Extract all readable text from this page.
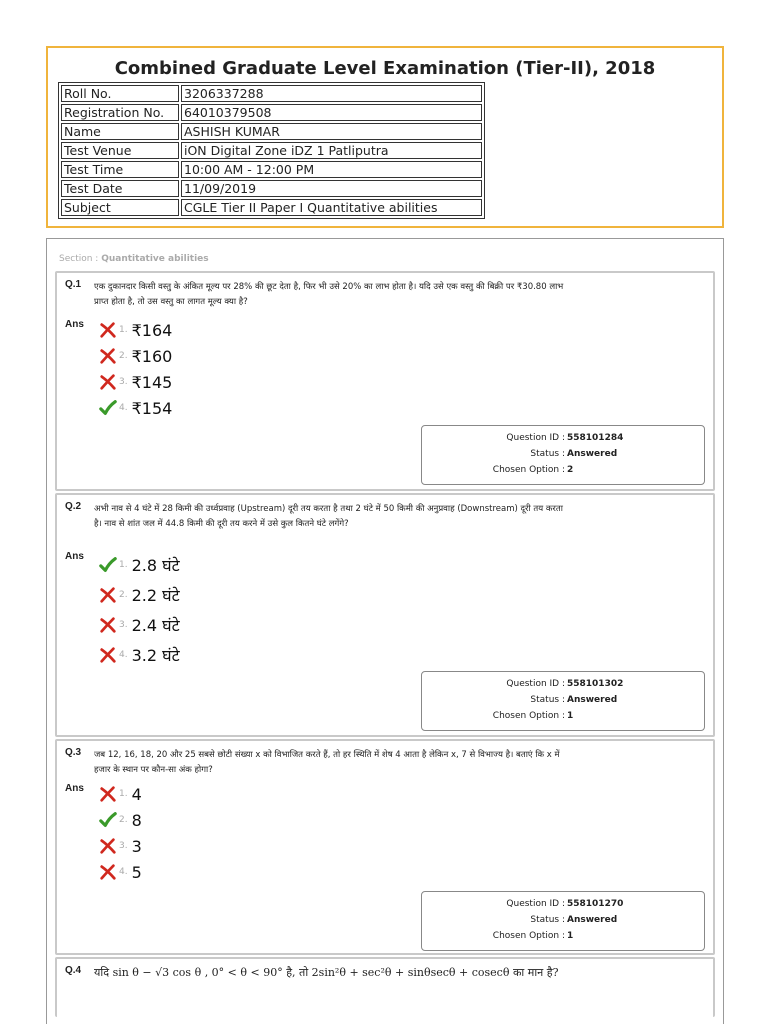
Combined Graduate Level Examination (Tier-II), 2018
Roll No.	3206337288
Registration No.	64010379508
Name	ASHISH KUMAR
Test Venue	iON Digital Zone iDZ 1 Patliputra
Test Time	10:00 AM - 12:00 PM
Test Date	11/09/2019
Subject	CGLE Tier II Paper I Quantitative abilities
Section : Quantitative abilities
Q.1 एक दुकानदार किसी वस्तु के अंकित मूल्य पर 28% की छूट देता है, फिर भी उसे 20% का लाभ होता है। यदि उसे एक वस्तु की बिक्री पर ₹30.80 लाभ प्राप्त होता है, तो उस वस्तु का लागत मूल्य क्या है?
Ans	1. ₹164
2. ₹160
3. ₹145
4. ₹154
Question ID : 558101284
Status : Answered
Chosen Option : 2
Q.2 अभी नाव से 4 घंटे में 28 किमी की उर्ध्वप्रवाह (Upstream) दूरी तय करता है तथा 2 घंटे में 50 किमी की अनुप्रवाह (Downstream) दूरी तय करता है। नाव से शांत जल में 44.8 किमी की दूरी तय करने में उसे कुल कितने घंटे लगेंगे?
Ans
1. 2.8 घंटे
2. 2.2 घंटे
3. 2.4 घंटे
4. 3.2 घंटे
Question ID : 558101302
Status : Answered
Chosen Option : 1
Q.3 जब 12, 16, 18, 20 और 25 सबसे छोटी संख्या x को विभाजित करते हैं, तो हर स्थिति में शेष 4 आता है लेकिन x, 7 से विभाज्य है। बताएं कि x में हजार के स्थान पर कौन-सा अंक होगा?
Ans	1. 4
2. 8
3. 3
4. 5
Question ID : 558101270
Status : Answered
Chosen Option : 1
Q.4 यदि sin θ − √3 cos θ , 0° < θ < 90° है, तो 2sin²θ + sec²θ + sinθsecθ + cosecθ का मान है?
